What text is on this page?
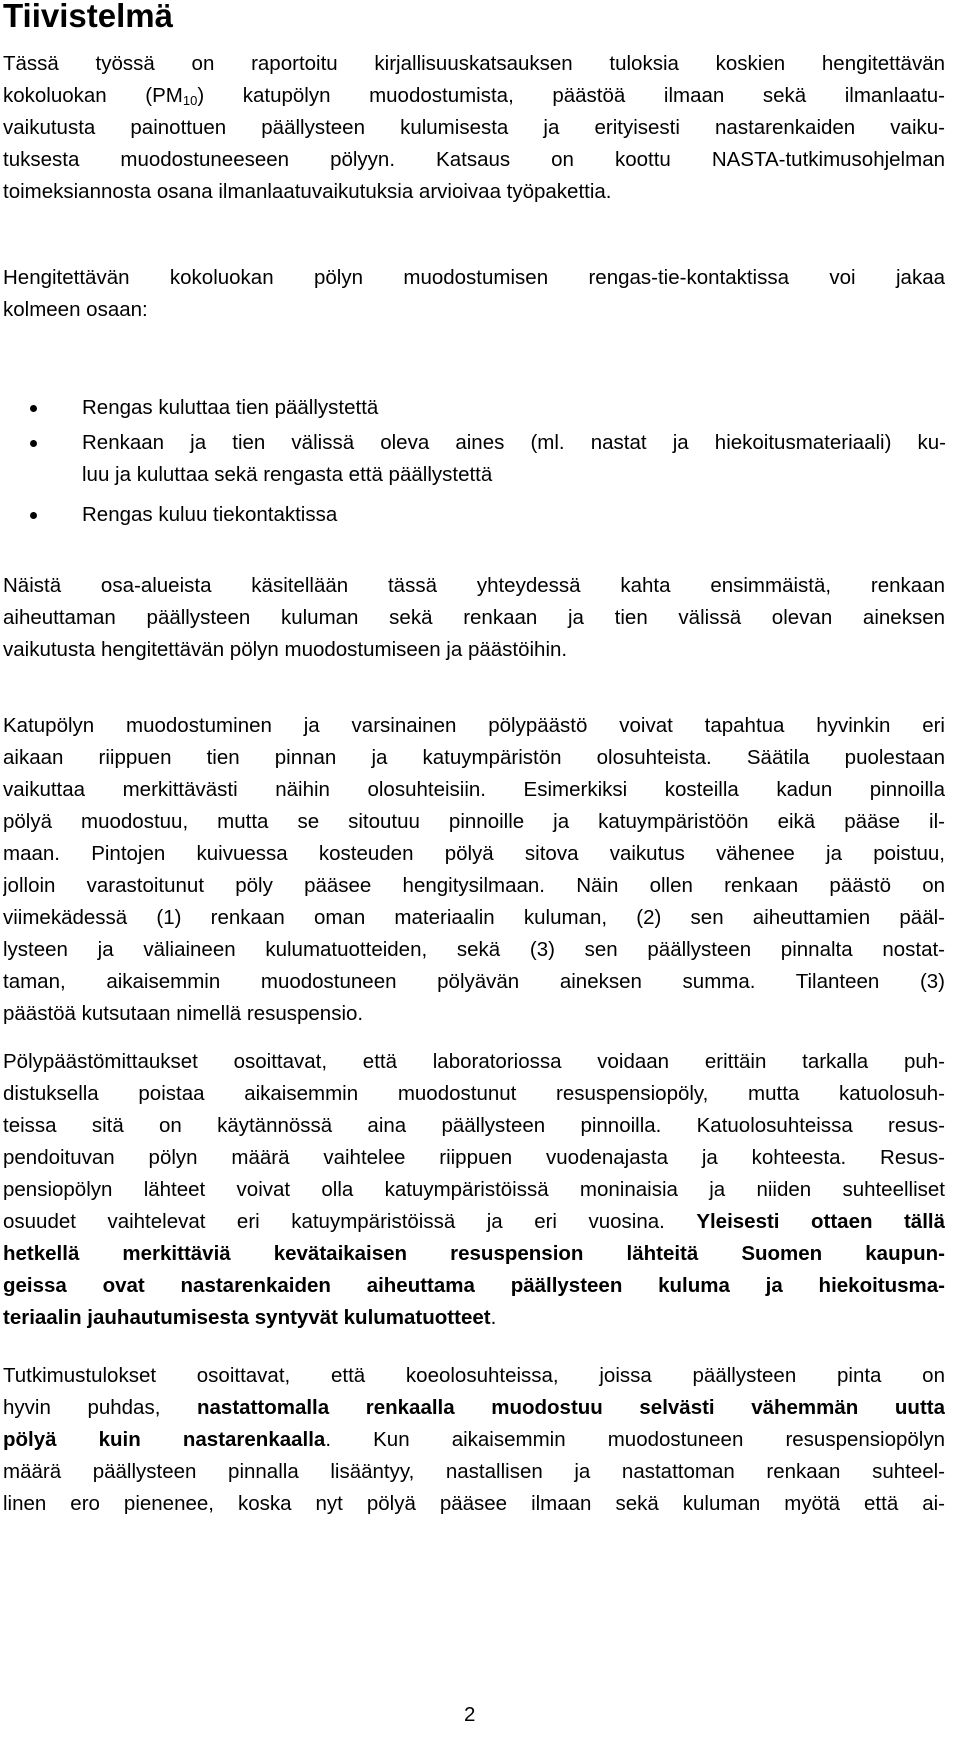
Tiivistelmä
Tässä työssä on raportoitu kirjallisuuskatsauksen tuloksia koskien hengitettävän
kokoluokan $(PM_{10})$ katupölyn muodostumista, päästöä ilmaan sekä ilmanlaatu-
vaikutusta painottuen päällysteen kulumisesta ja erityisesti nastarenkaiden vaiku-
tuksesta muodostuneeseen pölyyn. Katsaus on koottu NASTA-tutkimusohjelman
toimeksiannosta osana ilmanlaatuvaikutuksia arvioivaa työpakettia.
Hengitettävän kokoluokan pölyn muodostumisen rengas-tie-kontaktissa voi jakaa
kolmeen osaan:
Rengas kuluttaa tien päällystettä
Renkaan ja tien välissä oleva aines (ml. nastat ja hiekoitusmateriaali) ku-
luu ja kuluttaa sekä rengasta että päällystettä
Rengas kuluu tiekontaktissa
Näistä osa-alueista käsitellään tässä yhteydessä kahta ensimmäistä, renkaan
aiheuttaman päällysteen kuluman sekä renkaan ja tien välissä olevan aineksen
vaikutusta hengitettävän pölyn muodostumiseen ja päästöihin.
Katupölyn muodostuminen ja varsinainen pölypäästö voivat tapahtua hyvinkin eri
aikaan riippuen tien pinnan ja katuympäristön olosuhteista. Säätila puolestaan
vaikuttaa merkittävästi näihin olosuhteisiin. Esimerkiksi kosteilla kadun pinnoilla
pölyä muodostuu, mutta se sitoutuu pinnoille ja katuympäristöön eikä pääse il-
maan. Pintojen kuivuessa kosteuden pölyä sitova vaikutus vähenee ja poistuu,
jolloin varastoitunut pöly pääsee hengitysilmaan. Näin ollen renkaan päästö on
viimekädessä (1) renkaan oman materiaalin kuluman, (2) sen aiheuttamien pääl-
lysteen ja väliaineen kulumatuotteiden, sekä (3) sen päällysteen pinnalta nostat-
taman, aikaisemmin muodostuneen pölyävän aineksen summa. Tilanteen (3)
päästöä kutsutaan nimellä resuspensio.
Pölypäästömittaukset osoittavat, että laboratoriossa voidaan erittäin tarkalla puh-
distuksella poistaa aikaisemmin muodostunut resuspensiopöly, mutta katuolosuh-
teissa sitä on käytännössä aina päällysteen pinnoilla. Katuolosuhteissa resus-
pendoituvan pölyn määrä vaihtelee riippuen vuodenajasta ja kohteesta. Resus-
pensiopölyn lähteet voivat olla katuympäristöissä moninaisia ja niiden suhteelliset
osuudet vaihtelevat eri katuympäristöissä ja eri vuosina. Yleisesti ottaen tällä
hetkellä merkittäviä kevätaikaisen resuspension lähteitä Suomen kaupun-
geissa ovat nastarenkaiden aiheuttama päällysteen kuluma ja hiekoitusma-
teriaalin jauhautumisesta syntyvät kulumatuotteet.
Tutkimustulokset osoittavat, että koeolosuhteissa, joissa päällysteen pinta on
hyvin puhdas, nastattomalla renkaalla muodostuu selvästi vähemmän uutta
pölyä kuin nastarenkaalla. Kun aikaisemmin muodostuneen resuspensiopölyn
määrä päällysteen pinnalla lisääntyy, nastallisen ja nastattoman renkaan suhteel-
linen ero pienenee, koska nyt pölyä pääsee ilmaan sekä kuluman myötä että ai-
2
